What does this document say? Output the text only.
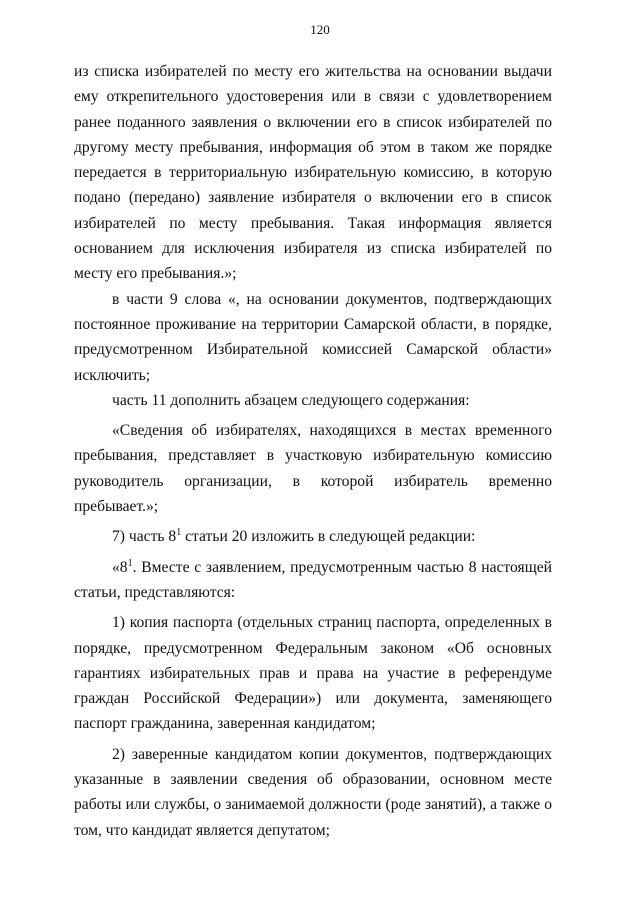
120

из списка избирателей по месту его жительства на основании выдачи ему открепительного удостоверения или в связи с удовлетворением ранее поданного заявления о включении его в список избирателей по другому месту пребывания, информация об этом в таком же порядке передается в территориальную избирательную комиссию, в которую подано (передано) заявление избирателя о включении его в список избирателей по месту пребывания. Такая информация является основанием для исключения избирателя из списка избирателей по месту его пребывания.»;

в части 9 слова «, на основании документов, подтверждающих постоянное проживание на территории Самарской области, в порядке, предусмотренном Избирательной комиссией Самарской области» исключить;

часть 11 дополнить абзацем следующего содержания:

«Сведения об избирателях, находящихся в местах временного пребывания, представляет в участковую избирательную комиссию руководитель организации, в которой избиратель временно пребывает.»;

7) часть $8^1$ статьи 20 изложить в следующей редакции:

«$8^1$. Вместе с заявлением, предусмотренным частью 8 настоящей статьи, представляются:

1) копия паспорта (отдельных страниц паспорта, определенных в порядке, предусмотренном Федеральным законом «Об основных гарантиях избирательных прав и права на участие в референдуме граждан Российской Федерации») или документа, заменяющего паспорт гражданина, заверенная кандидатом;

2) заверенные кандидатом копии документов, подтверждающих указанные в заявлении сведения об образовании, основном месте работы или службы, о занимаемой должности (роде занятий), а также о том, что кандидат является депутатом;
